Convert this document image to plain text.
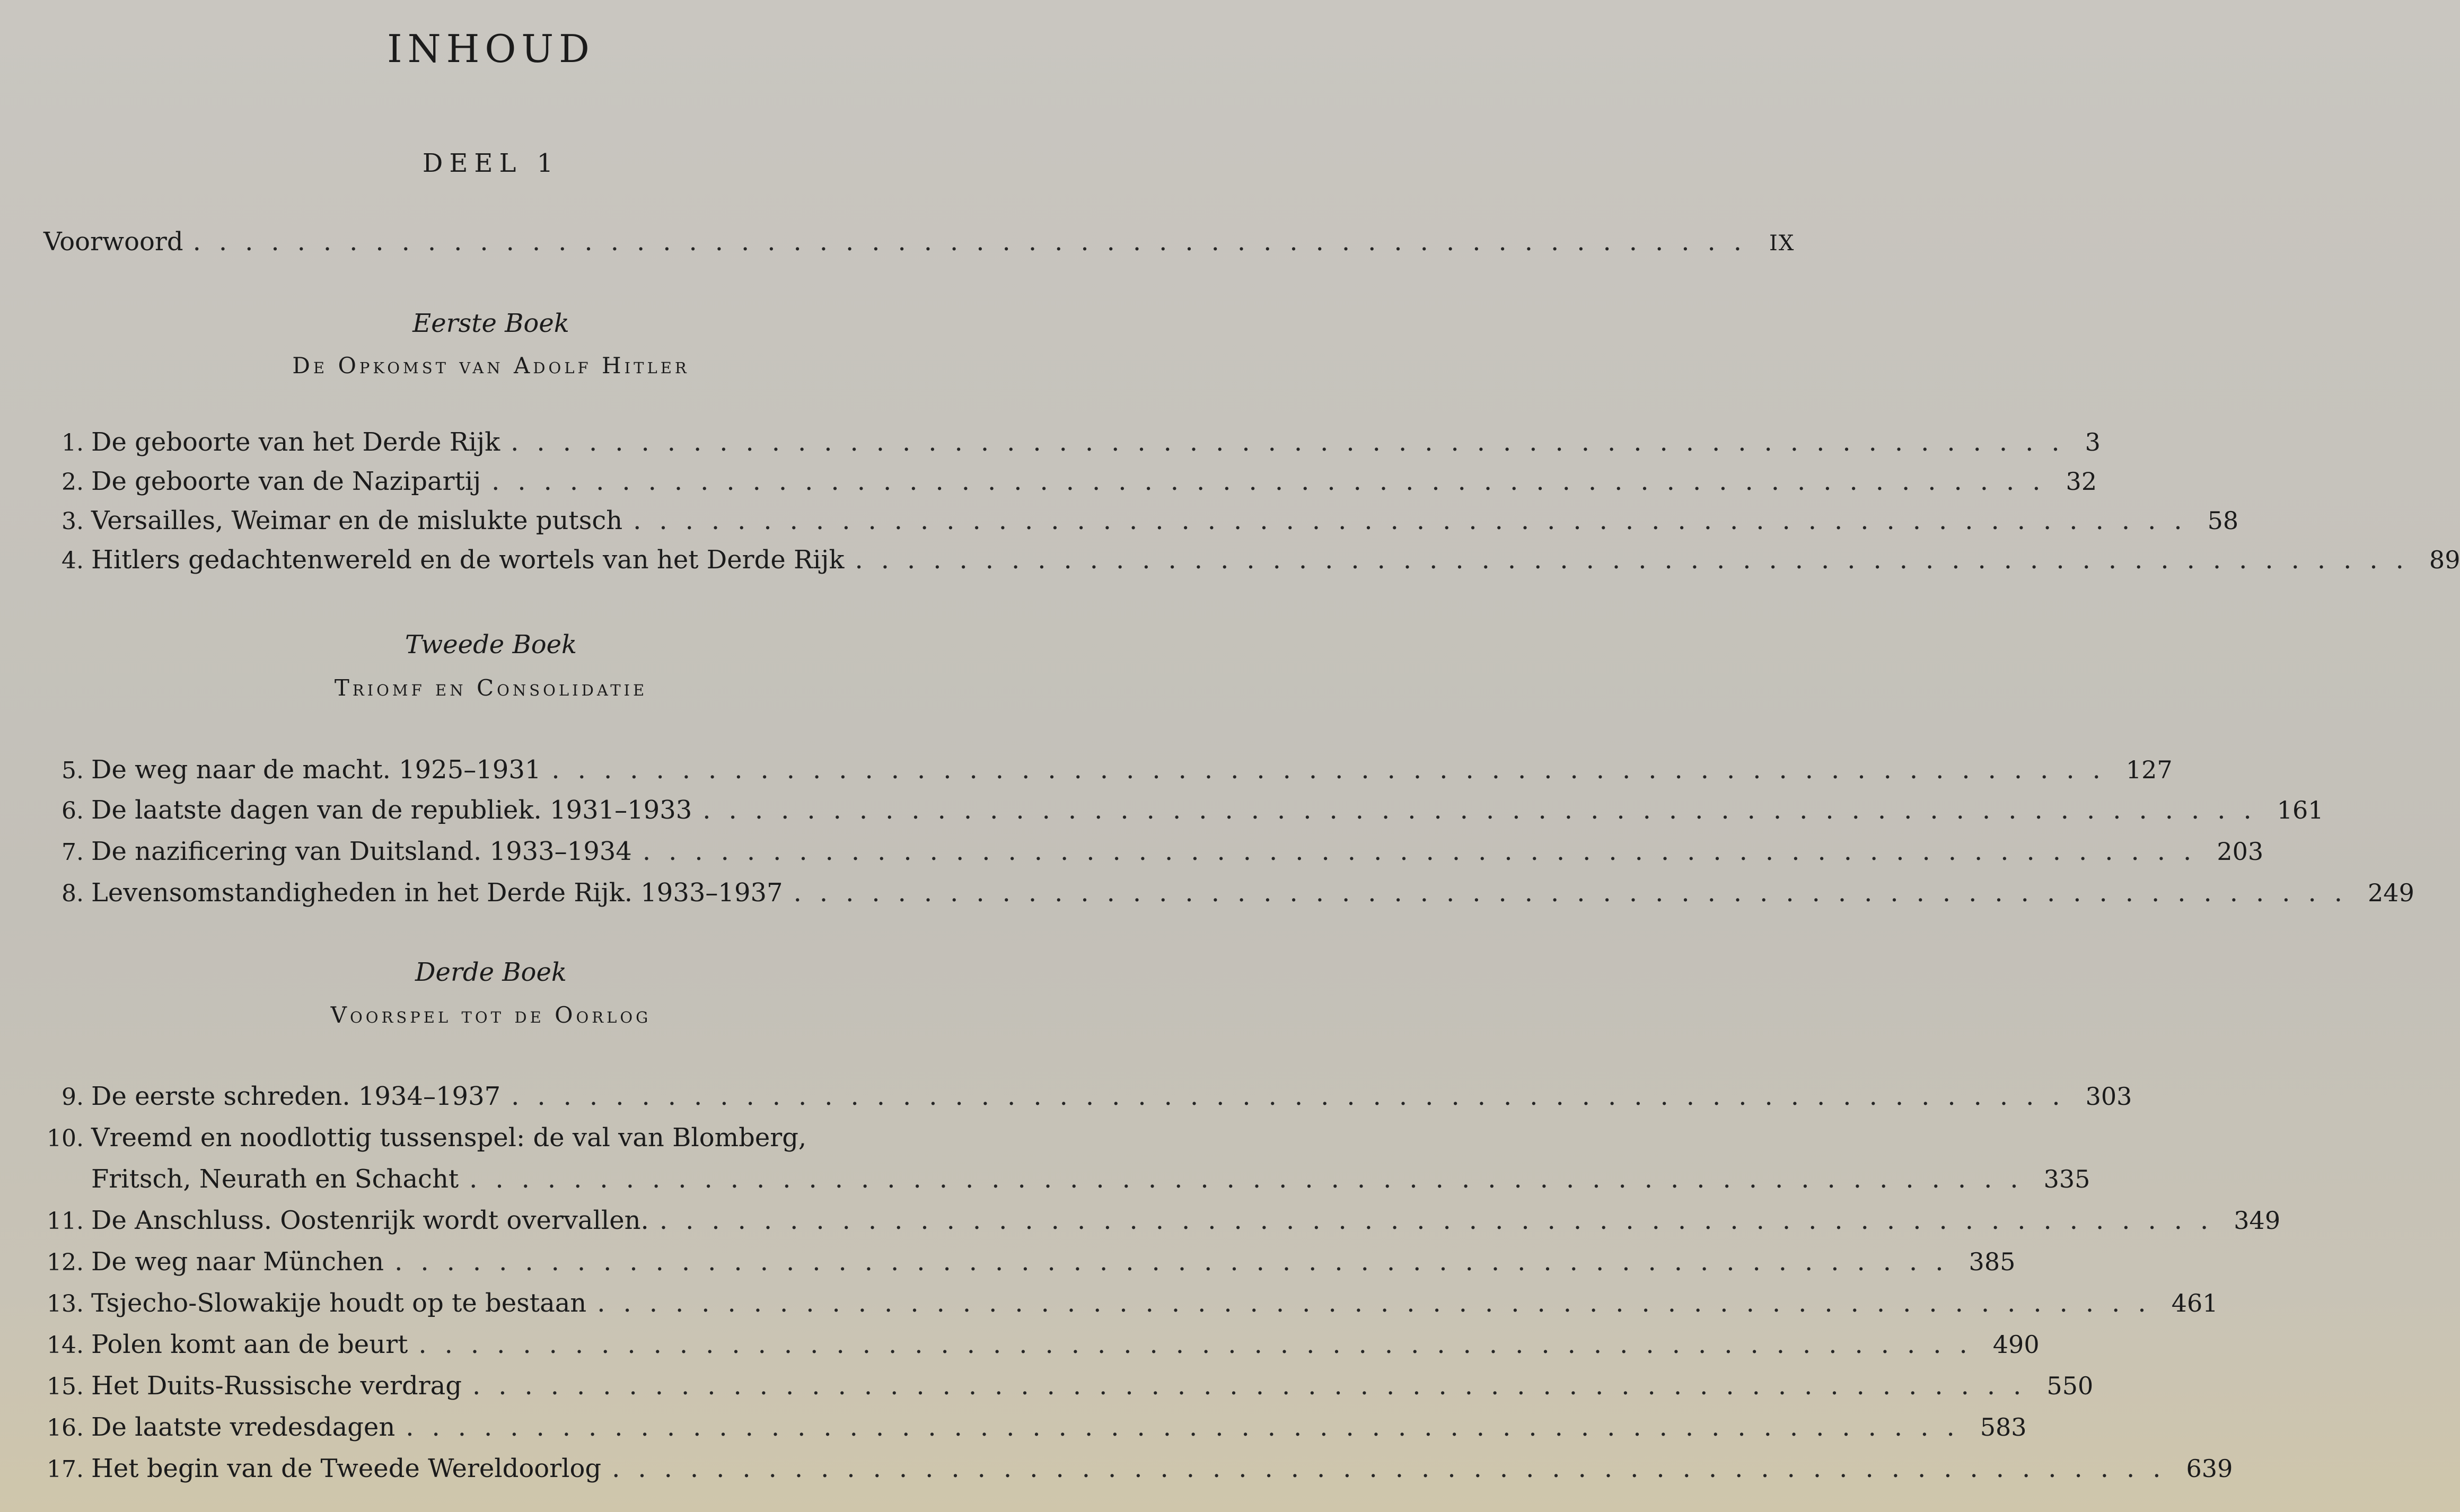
INHOUD
DEEL 1
Voorwoord ............................................................ IX
Eerste Boek
De Opkomst van Adolf Hitler
1. De geboorte van het Derde Rijk ............................................................ 3
2. De geboorte van de Nazipartij ............................................................ 32
3. Versailles, Weimar en de mislukte putsch ............................................................ 58
4. Hitlers gedachtenwereld en de wortels van het Derde Rijk ............................................................ 89
Tweede Boek
Triomf en Consolidatie
5. De weg naar de macht. 1925–1931 ............................................................ 127
6. De laatste dagen van de republiek. 1931–1933 ............................................................ 161
7. De nazificering van Duitsland. 1933–1934 ............................................................ 203
8. Levensomstandigheden in het Derde Rijk. 1933–1937 ............................................................ 249
Derde Boek
Voorspel tot de Oorlog
9. De eerste schreden. 1934–1937 ............................................................ 303
10. Vreemd en noodlottig tussenspel: de val van Blomberg,
Fritsch, Neurath en Schacht ............................................................ 335
11. De Anschluss. Oostenrijk wordt overvallen. ............................................................ 349
12. De weg naar München ............................................................ 385
13. Tsjecho-Slowakije houdt op te bestaan ............................................................ 461
14. Polen komt aan de beurt ............................................................ 490
15. Het Duits-Russische verdrag ............................................................ 550
16. De laatste vredesdagen ............................................................ 583
17. Het begin van de Tweede Wereldoorlog ............................................................ 639
